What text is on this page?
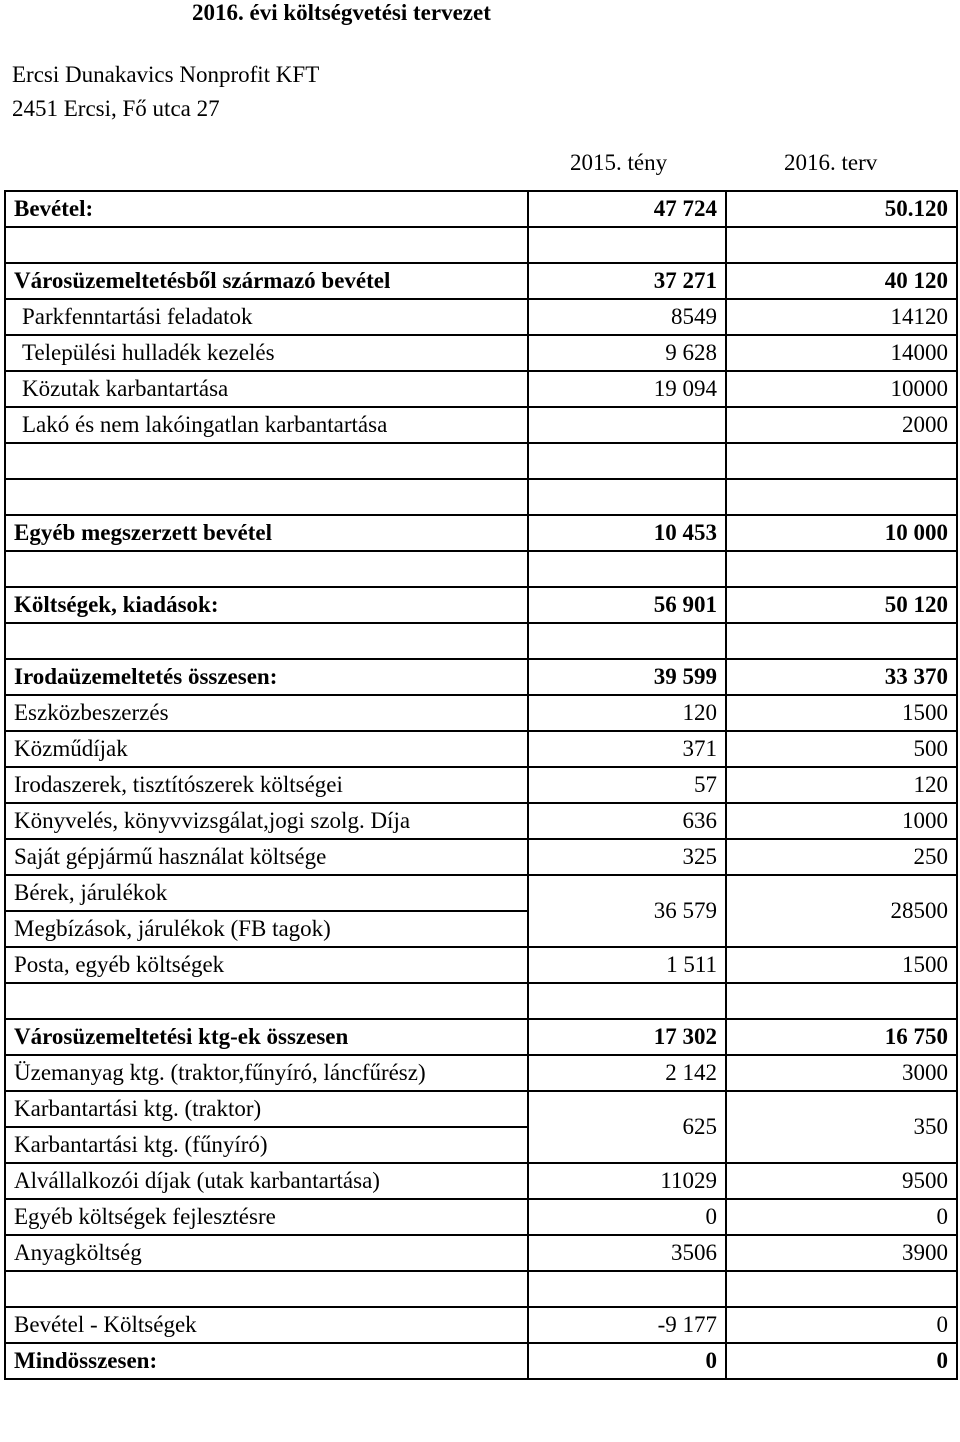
2016. évi költségvetési tervezet
Ercsi Dunakavics Nonprofit KFT
2451 Ercsi, Fő utca 27
2015. tény	2016. terv
Bevétel:	47 724	50.120

Városüzemeltetésből származó bevétel	37 271	40 120
Parkfenntartási feladatok	8549	14120
Települési hulladék kezelés	9 628	14000
Közutak karbantartása	19 094	10000
Lakó és nem lakóingatlan karbantartása		2000

Egyéb megszerzett bevétel	10 453	10 000

Költségek, kiadások:	56 901	50 120

Irodaüzemeltetés összesen:	39 599	33 370
Eszközbeszerzés	120	1500
Közműdíjak	371	500
Irodaszerek, tisztítószerek költségei	57	120
Könyvelés, könyvvizsgálat,jogi szolg. Díja	636	1000
Saját gépjármű használat költsége	325	250
Bérek, járulékok	36 579	28500
Megbízások, járulékok (FB tagok)		
Posta, egyéb költségek	1 511	1500

Városüzemeltetési ktg-ek összesen	17 302	16 750
Üzemanyag ktg. (traktor,fűnyíró, láncfűrész)	2 142	3000
Karbantartási ktg. (traktor)	625	350
Karbantartási ktg. (fűnyíró)		
Alvállalkozói díjak (utak karbantartása)	11029	9500
Egyéb költségek fejlesztésre	0	0
Anyagköltség	3506	3900

Bevétel - Költségek	-9 177	0
Mindösszesen:	0	0
